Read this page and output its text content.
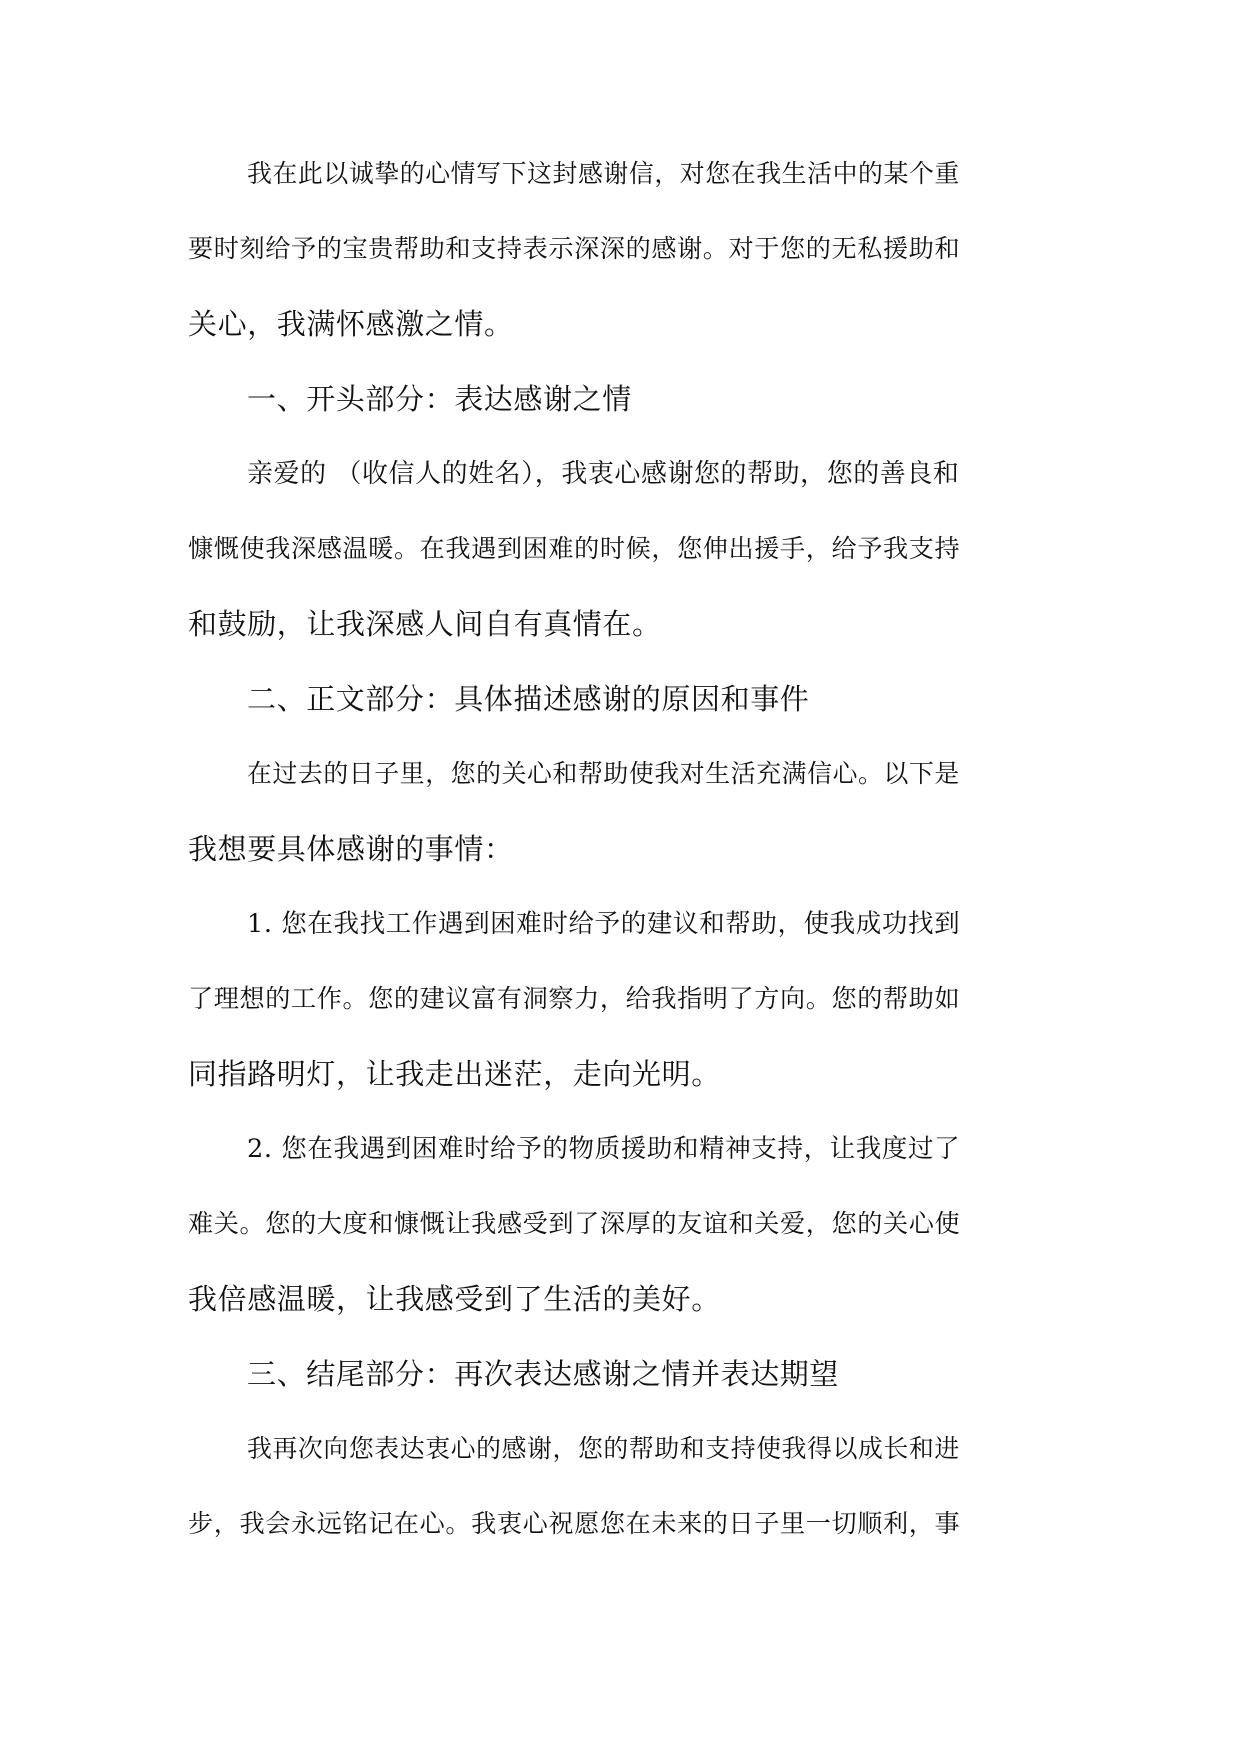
我在此以诚挚的心情写下这封感谢信，对您在我生活中的某个重
要时刻给予的宝贵帮助和支持表示深深的感谢。对于您的无私援助和
关心，我满怀感激之情。
一、开头部分：表达感谢之情
亲爱的 （收信人的姓名），我衷心感谢您的帮助，您的善良和
慷慨使我深感温暖。在我遇到困难的时候，您伸出援手，给予我支持
和鼓励，让我深感人间自有真情在。
二、正文部分：具体描述感谢的原因和事件
在过去的日子里，您的关心和帮助使我对生活充满信心。以下是
我想要具体感谢的事情：
1. 您在我找工作遇到困难时给予的建议和帮助，使我成功找到
了理想的工作。您的建议富有洞察力，给我指明了方向。您的帮助如
同指路明灯，让我走出迷茫，走向光明。
2. 您在我遇到困难时给予的物质援助和精神支持，让我度过了
难关。您的大度和慷慨让我感受到了深厚的友谊和关爱，您的关心使
我倍感温暖，让我感受到了生活的美好。
三、结尾部分：再次表达感谢之情并表达期望
我再次向您表达衷心的感谢，您的帮助和支持使我得以成长和进
步，我会永远铭记在心。我衷心祝愿您在未来的日子里一切顺利，事
